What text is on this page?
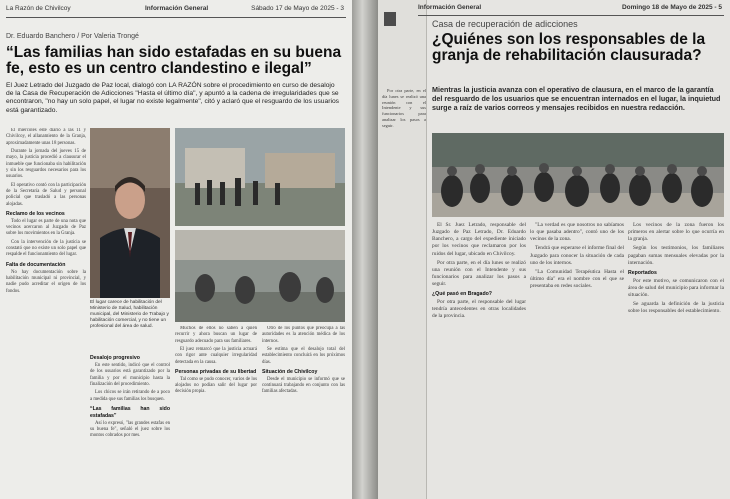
La Razón de Chivilcoy	Información General	Sábado 17 de Mayo de 2025 - 3
Dr. Eduardo Banchero / Por Valeria Trongé
“Las familias han sido estafadas en su buena fe, esto es un centro clandestino e ilegal”

El Juez Letrado del Juzgado de Paz local, dialogó con LA RAZÓN sobre el procedimiento en curso de desalojo de la Casa de Recuperación de Adicciones "Hasta el último día", y apuntó a la cadena de irregularidades que se encontraron, "no hay un solo papel, el lugar no existe legalmente", citó y aclaró que el resguardo de los usuarios está garantizado.

El miércoles este diario a las 11 y Chivilcoy, el allanamiento de la Granja, aproximadamente unas 18 personas.

Durante la jornada del jueves 15 de mayo, la justicia procedió a clausurar el inmueble que funcionaba sin habilitación y sin los resguardos necesarios para los usuarios.

El operativo contó con la participación de la Secretaría de Salud y personal policial que trasladó a las personas alojadas.

Reclamo de los vecinos

Todo el lugar es parte de una nota que vecinos acercaron al Juzgado de Paz sobre los movimientos en la Granja.

Con la intervención de la justicia se constató que no existe un solo papel que respalde el funcionamiento del lugar.

Falta de documentación

No hay documentación sobre la habilitación municipal ni provincial, y nadie pudo acreditar el origen de los fondos.

El lugar carece de habilitación del Ministerio de Salud, habilitación municipal, del Ministerio de Trabajo y habilitación comercial, y no tiene un profesional del área de salud.
Desalojo progresivo

En este sentido, indicó que el control de los usuarios está garantizado por la familia y por el municipio hasta la finalización del procedimiento.

Los chicos se irán retirando de a poco a medida que sus familias los busquen.

“Las familias han sido estafadas”

Así lo expresó, "las grandes estafas en su buena fe", señaló el juez sobre los montos cobrados por mes.

Muchos de ellos no saben a quién recurrir y ahora buscan un lugar de resguardo adecuado para sus familiares.

El juez remarcó que la justicia actuará con rigor ante cualquier irregularidad detectada en la causa.

Personas privadas de su libertad

Tal como se pudo conocer, varios de los alojados no podían salir del lugar por decisión propia.

Otro de los puntos que preocupa a las autoridades es la atención médica de los internos.

Se estima que el desalojo total del establecimiento concluirá en los próximos días.

Situación de Chivilcoy

Desde el municipio se informó que se continuará trabajando en conjunto con las familias afectadas.

Información General	Domingo 18 de Mayo de 2025 - 5
Casa de recuperación de adicciones
¿Quiénes son los responsables de la granja de rehabilitación clausurada?

Mientras la justicia avanza con el operativo de clausura, en el marco de la garantía del resguardo de los usuarios que se encuentran internados en el lugar, la inquietud surge a raíz de varios correos y mensajes recibidos en nuestra redacción.

Por otra parte, en el día lunes se realizó una reunión con el Intendente y sus funcionarios para analizar los pasos a seguir.

El Sr. Juez Letrado, responsable del Juzgado de Paz Letrado, Dr. Eduardo Banchero, a cargo del expediente iniciado por los vecinos que reclamaron por los ruidos del lugar, ubicado en Chivilcoy.

Por otra parte, en el día lunes se realizó una reunión con el Intendente y sus funcionarios para analizar los pasos a seguir.

¿Qué pasó en Bragado?

Por otra parte, el responsable del lugar tendría antecedentes en otras localidades de la provincia.

"La verdad es que nosotros no sabíamos lo que pasaba adentro", contó uno de los vecinos de la zona.

Tendrá que esperarse el informe final del Juzgado para conocer la situación de cada uno de los internos.

"La Comunidad Terapéutica Hasta el último día" era el nombre con el que se presentaba en redes sociales.

Los vecinos de la zona fueron los primeros en alertar sobre lo que ocurría en la granja.

Según los testimonios, los familiares pagaban sumas mensuales elevadas por la internación.

Reportados

Por este motivo, se comunicaron con el área de salud del municipio para informar la situación.

Se aguarda la definición de la justicia sobre los responsables del establecimiento.
